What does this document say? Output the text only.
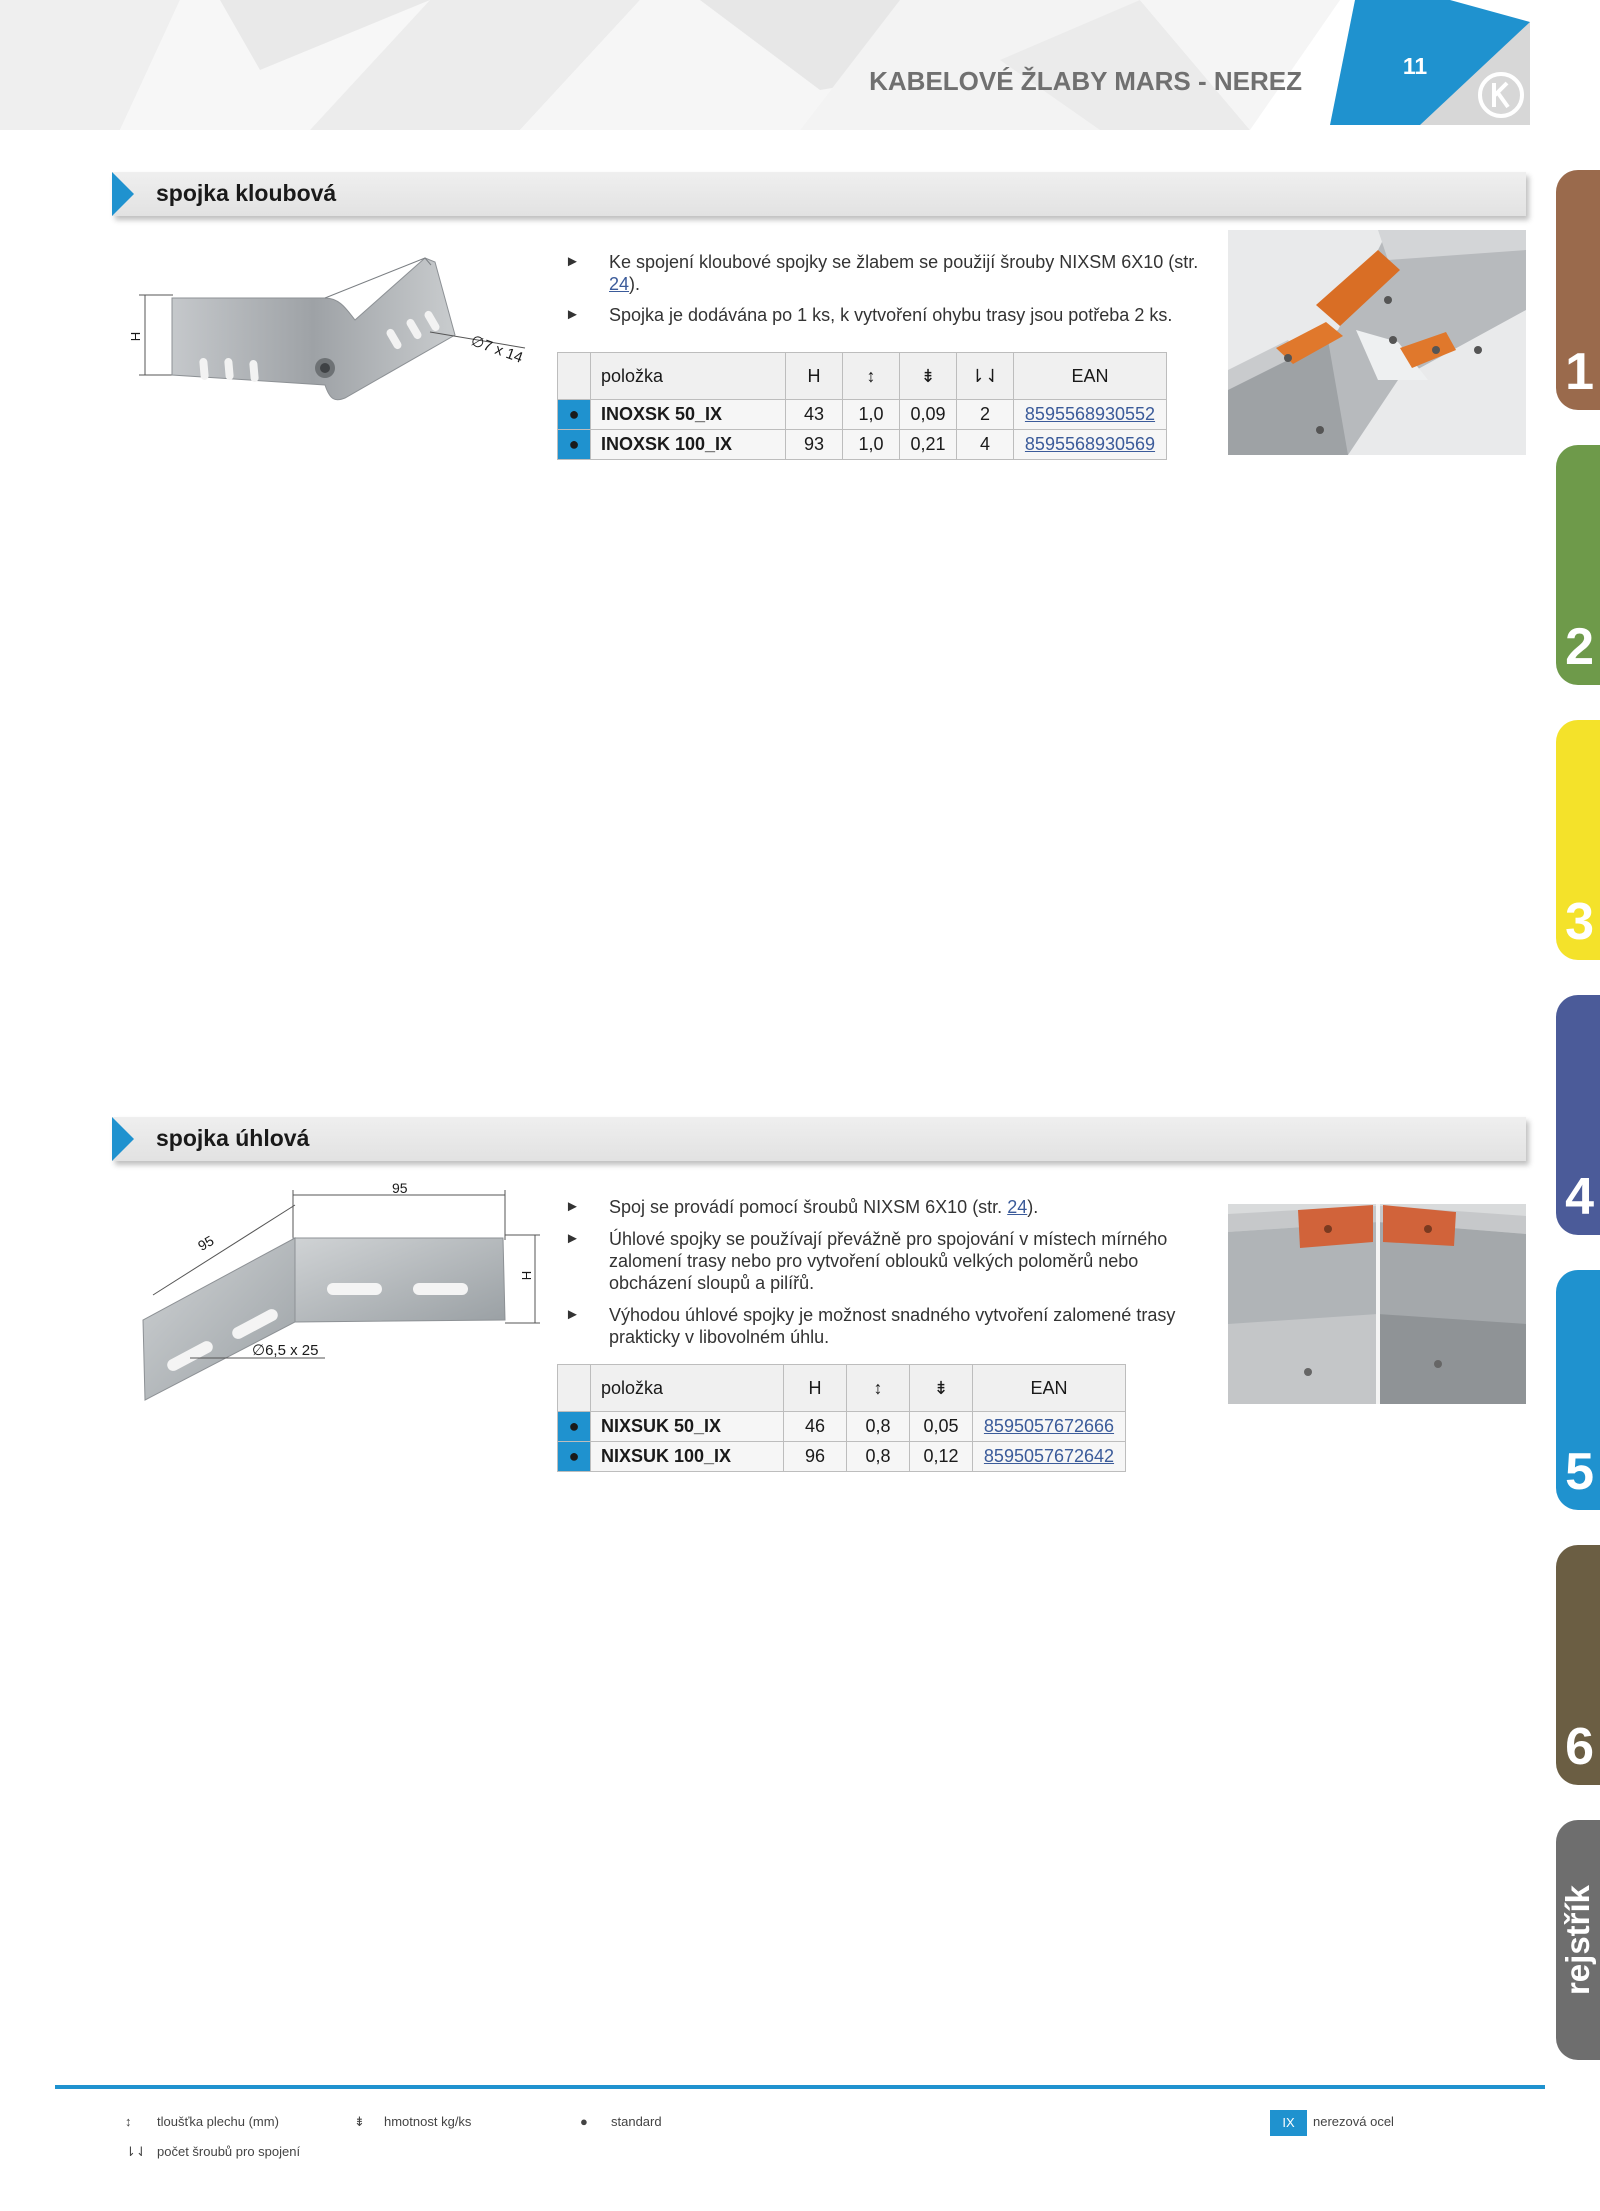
KABELOVÉ ŽLABY MARS - NEREZ	11
spojka kloubová
H	∅7 x 14
► Ke spojení kloubové spojky se žlabem se použijí šrouby NIXSM 6X10 (str. 24).
► Spojka je dodávána po 1 ks, k vytvoření ohybu trasy jsou potřeba 2 ks.
	položka	H	↕	⇟	⇂⇃	EAN
●	INOXSK 50_IX	43	1,0	0,09	2	8595568930552
●	INOXSK 100_IX	93	1,0	0,21	4	8595568930569
spojka úhlová
95
95
H
∅6,5 x 25
► Spoj se provádí pomocí šroubů NIXSM 6X10 (str. 24).
► Úhlové spojky se používají převážně pro spojování v místech mírného zalomení trasy nebo pro vytvoření oblouků velkých poloměrů nebo obcházení sloupů a pilířů.
► Výhodou úhlové spojky je možnost snadného vytvoření zalomené trasy prakticky v libovolném úhlu.
	položka	H	↕	⇟	EAN
●	NIXSUK 50_IX	46	0,8	0,05	8595057672666
●	NIXSUK 100_IX	96	0,8	0,12	8595057672642
1
2
3
4
5
6
rejstřík
↕ tloušťka plechu (mm)	⇟ hmotnost kg/ks	● standard
⇂⇃ počet šroubů pro spojení
IX	nerezová ocel
